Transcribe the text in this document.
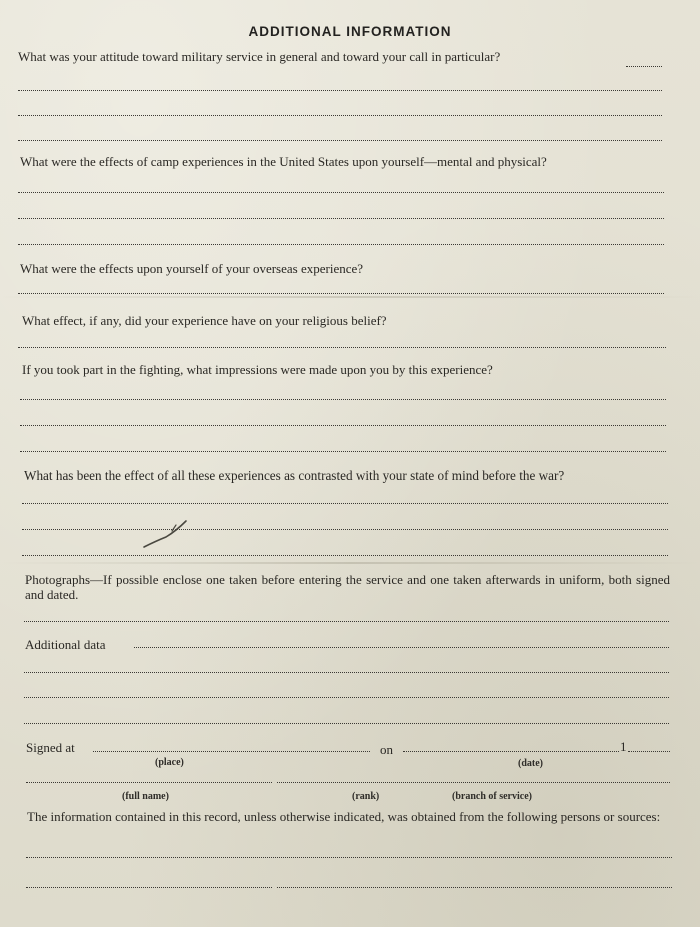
ADDITIONAL INFORMATION
What was your attitude toward military service in general and toward your call in particular?
What were the effects of camp experiences in the United States upon yourself—mental and physical?
What were the effects upon yourself of your overseas experience?
What effect, if any, did your experience have on your religious belief?
If you took part in the fighting, what impressions were made upon you by this experience?
What has been the effect of all these experiences as contrasted with your state of mind before the war?
Photographs—If possible enclose one taken before entering the service and one taken afterwards in uniform, both signed and dated.
Additional data
Signed at	on	1
(place)	(date)
(full name)	(rank)	(branch of service)
The information contained in this record, unless otherwise indicated, was obtained from the following persons or sources:
